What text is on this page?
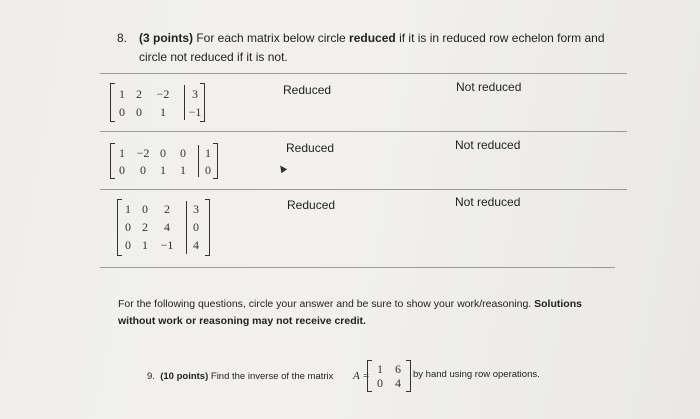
8. (3 points) For each matrix below circle reduced if it is in reduced row echelon form and circle not reduced if it is not.
1 2	−2	3
0 0	1	−1
Reduced	Not reduced
1 −2 0	0	1
0	0	1	1	0
Reduced	Not reduced
▲
1 0	2	3
0 2	4	0
0 1	−1	4
Reduced	Not reduced
For the following questions, circle your answer and be sure to show your work/reasoning. Solutions without work or reasoning may not receive credit.
9. (10 points) Find the inverse of the matrix A = 1	6
0	4
by hand using row operations.
